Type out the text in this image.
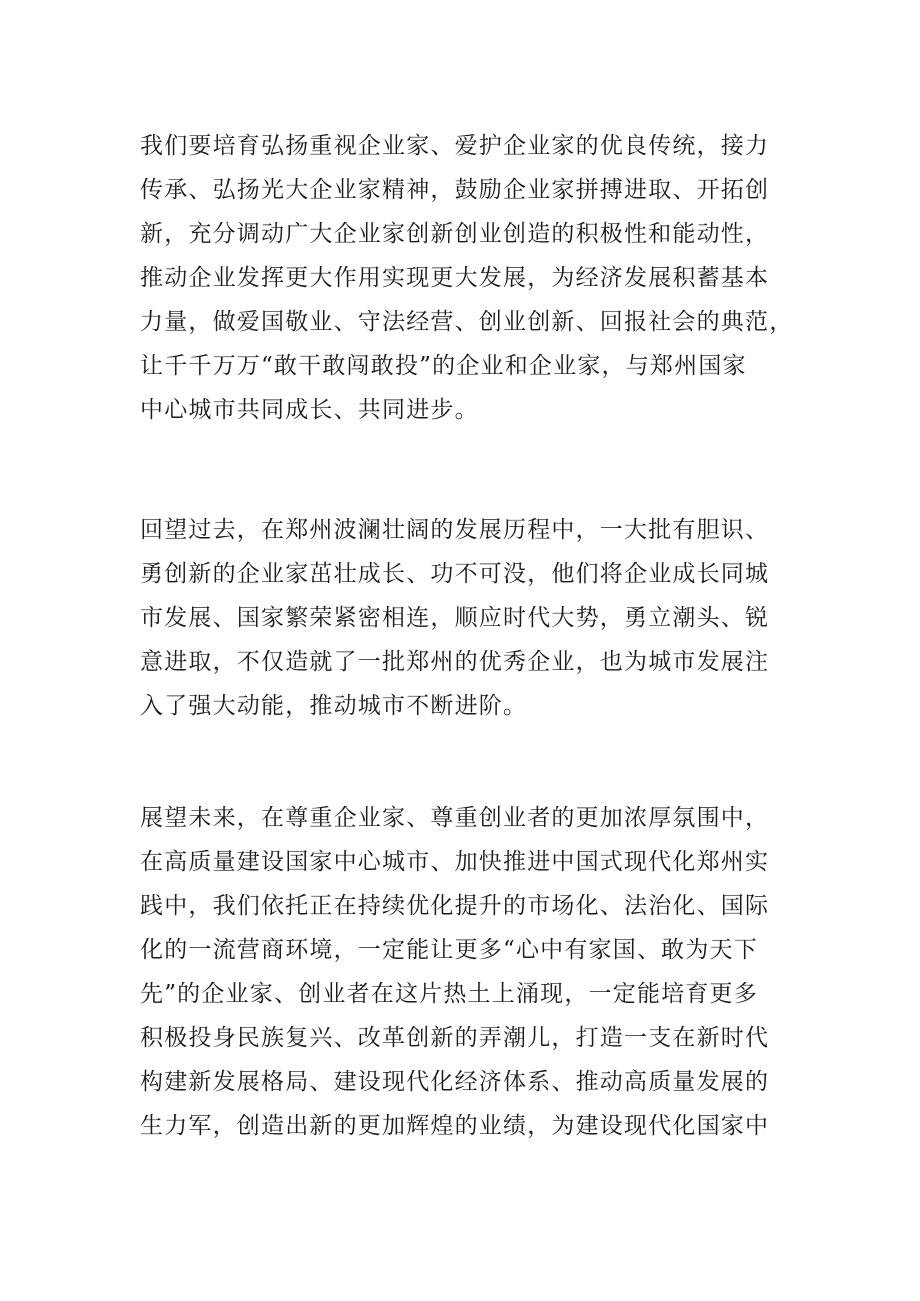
我们要培育弘扬重视企业家、爱护企业家的优良传统，接力
传承、弘扬光大企业家精神，鼓励企业家拼搏进取、开拓创
新，充分调动广大企业家创新创业创造的积极性和能动性，
推动企业发挥更大作用实现更大发展，为经济发展积蓄基本
力量，做爱国敬业、守法经营、创业创新、回报社会的典范，
让千千万万“敢干敢闯敢投”的企业和企业家，与郑州国家
中心城市共同成长、共同进步。
回望过去，在郑州波澜壮阔的发展历程中，一大批有胆识、
勇创新的企业家茁壮成长、功不可没，他们将企业成长同城
市发展、国家繁荣紧密相连，顺应时代大势，勇立潮头、锐
意进取，不仅造就了一批郑州的优秀企业，也为城市发展注
入了强大动能，推动城市不断进阶。
展望未来，在尊重企业家、尊重创业者的更加浓厚氛围中，
在高质量建设国家中心城市、加快推进中国式现代化郑州实
践中，我们依托正在持续优化提升的市场化、法治化、国际
化的一流营商环境，一定能让更多“心中有家国、敢为天下
先”的企业家、创业者在这片热土上涌现，一定能培育更多
积极投身民族复兴、改革创新的弄潮儿，打造一支在新时代
构建新发展格局、建设现代化经济体系、推动高质量发展的
生力军，创造出新的更加辉煌的业绩，为建设现代化国家中
